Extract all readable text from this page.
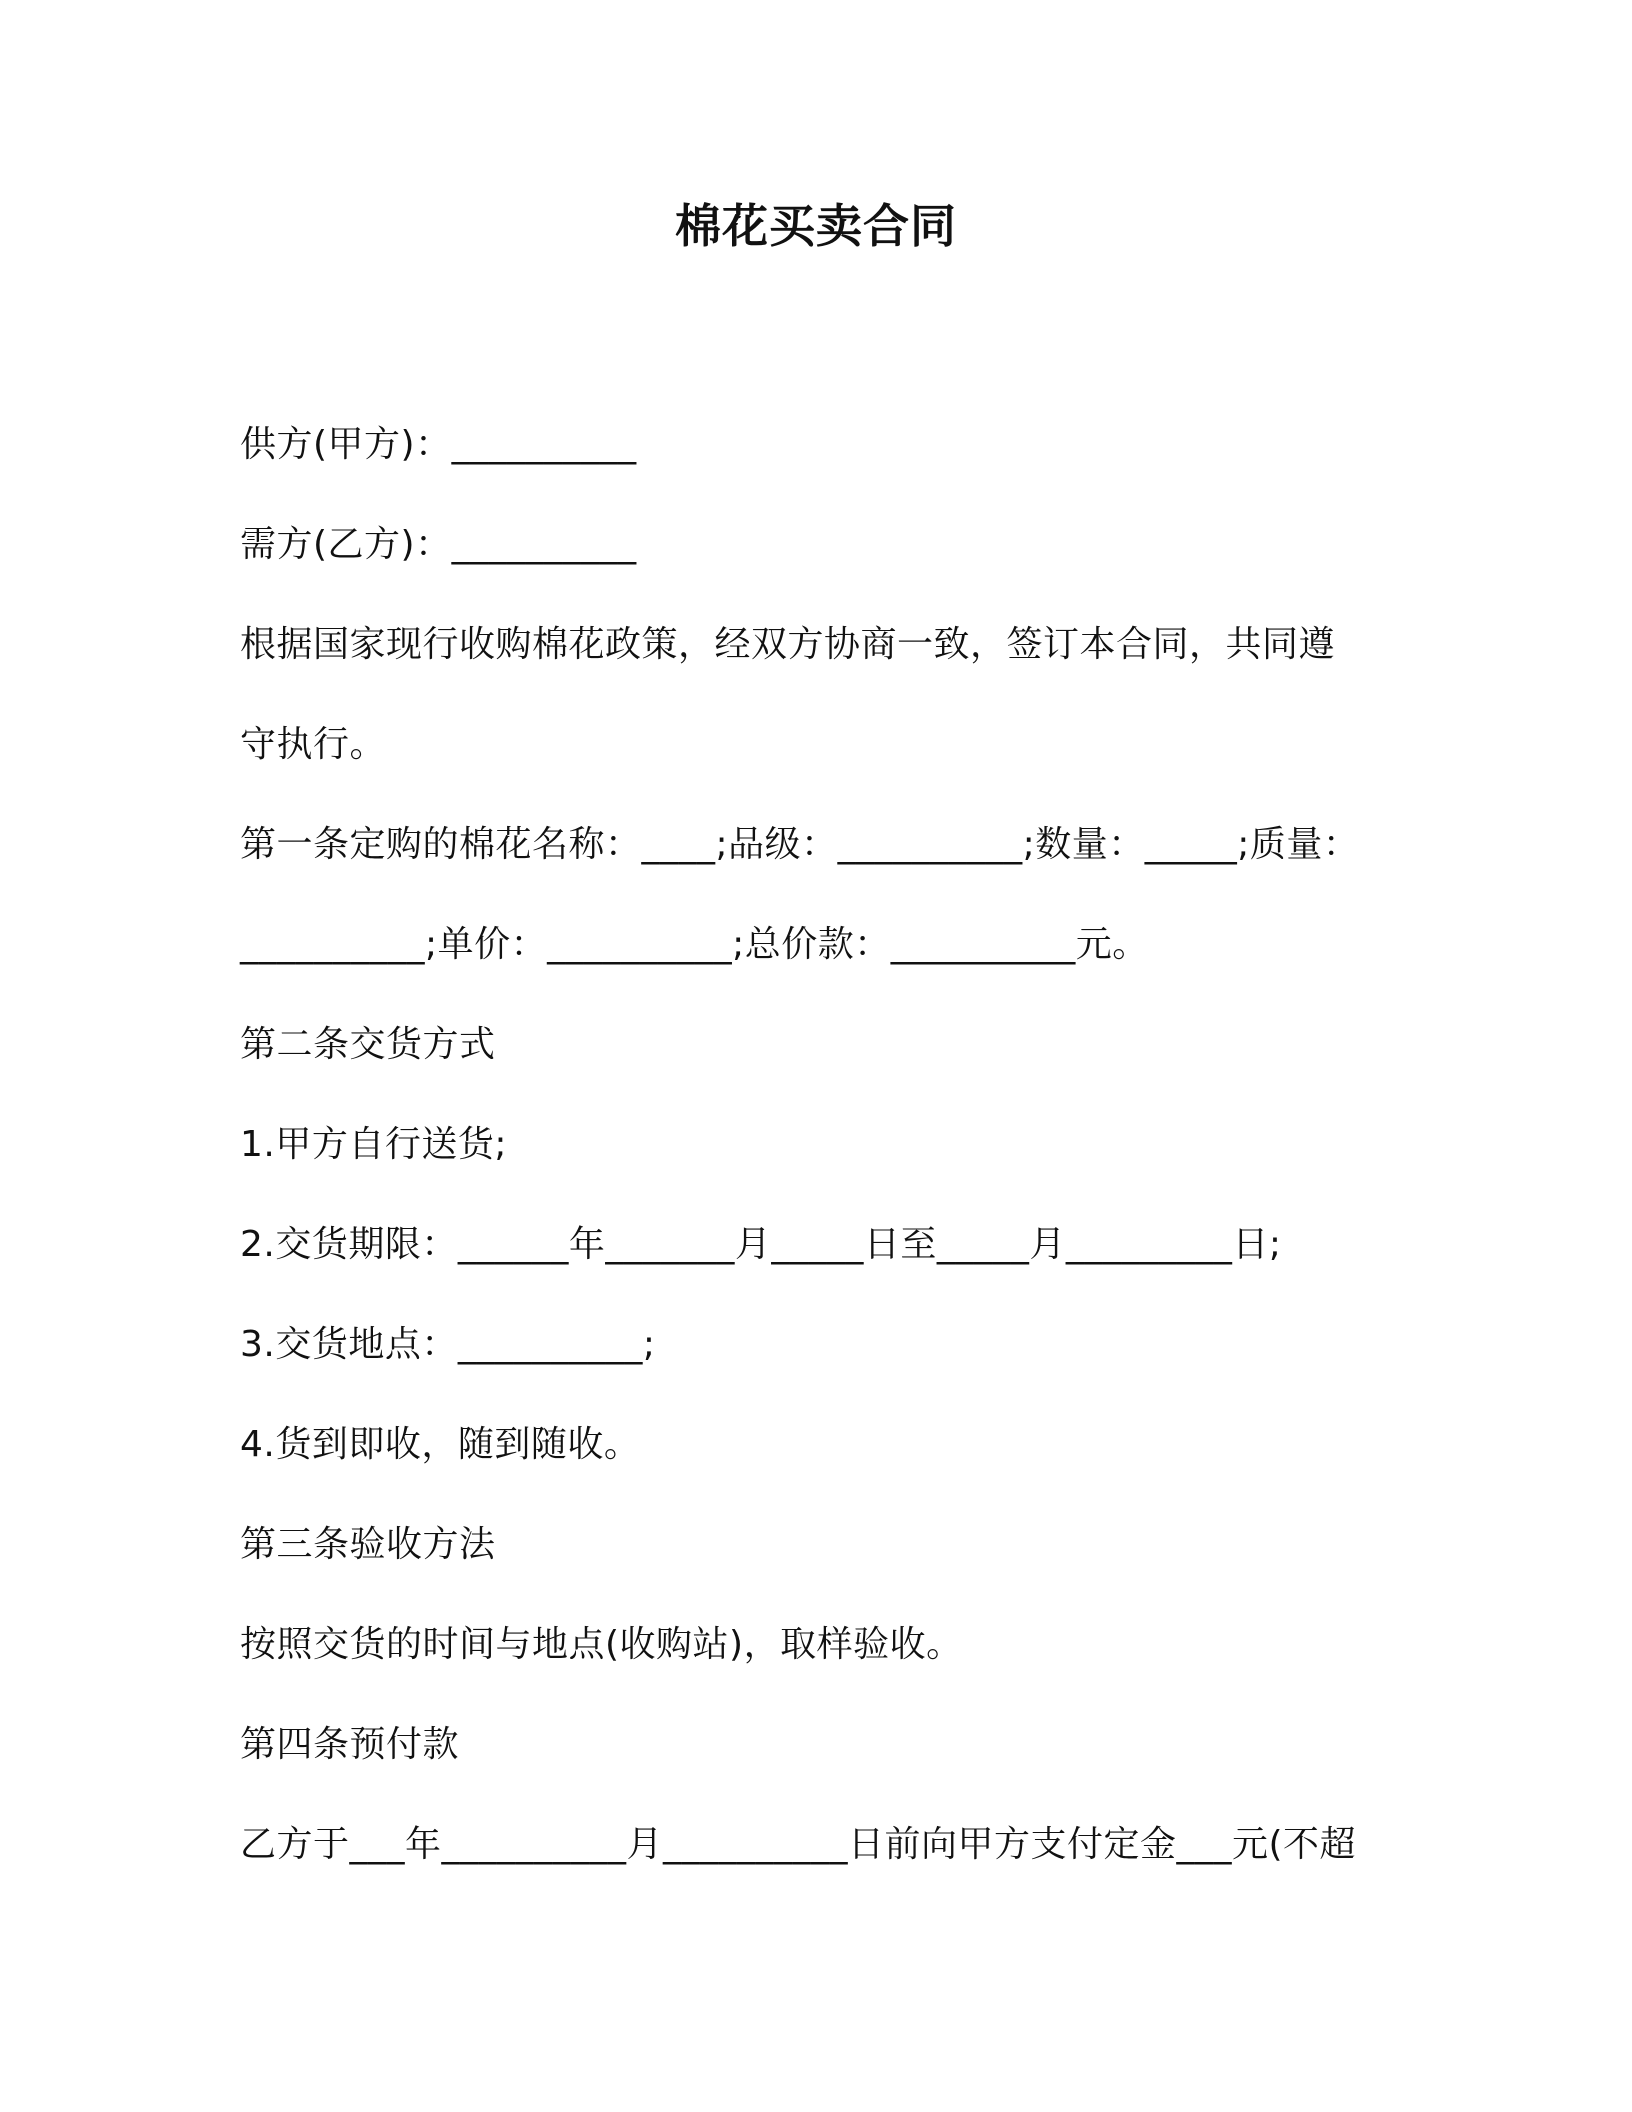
棉花买卖合同
供方(甲方)：__________
需方(乙方)：__________
根据国家现行收购棉花政策，经双方协商一致，签订本合同，共同遵
守执行。
第一条定购的棉花名称：____;品级：__________;数量：_____;质量：
__________;单价：__________;总价款：__________元。
第二条交货方式
1.甲方自行送货;
2.交货期限：______年_______月_____日至_____月_________日;
3.交货地点：__________;
4.货到即收，随到随收。
第三条验收方法
按照交货的时间与地点(收购站)，取样验收。
第四条预付款
乙方于___年__________月__________日前向甲方支付定金___元(不超
